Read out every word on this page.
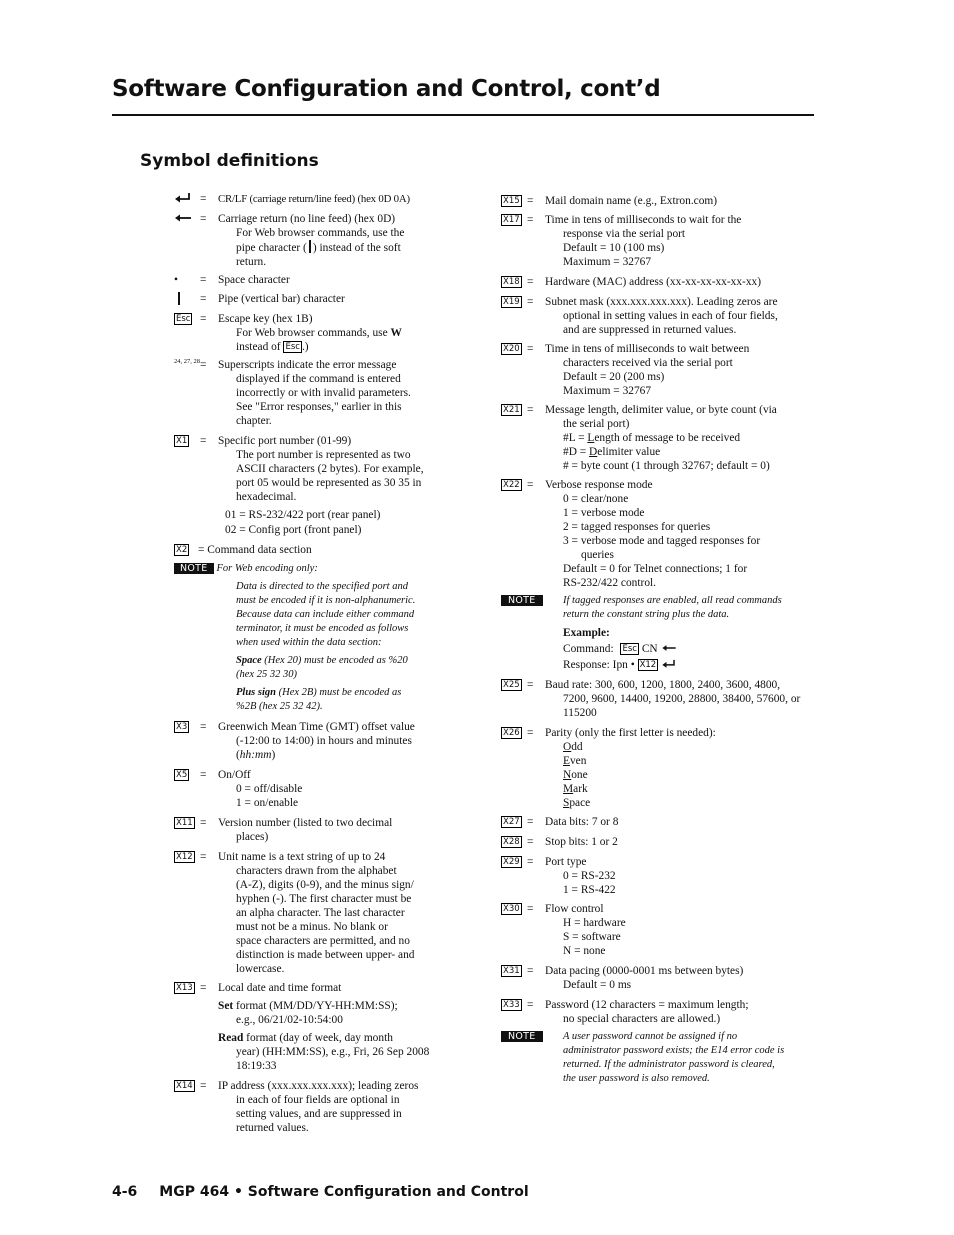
Software Configuration and Control, cont’d
Symbol definitions
= CR/LF (carriage return/line feed) (hex 0D 0A)
= Carriage return (no line feed) (hex 0D)
For Web browser commands, use the
pipe character ( ) instead of the soft
return.
•	= Space character
= Pipe (vertical bar) character
Esc = Escape key (hex 1B)
For Web browser commands, use W
instead of Esc .)
24, 27, 28 = Superscripts indicate the error message
displayed if the command is entered
incorrectly or with invalid parameters.
See "Error responses," earlier in this
chapter.
X1	= Specific port number (01-99)
The port number is represented as two
ASCII characters (2 bytes). For example,
port 05 would be represented as 30 35 in
hexadecimal.
01 = RS-232/422 port (rear panel)
02 = Config port (front panel)
X2 = Command data section
NOTE For Web encoding only:
Data is directed to the specified port and
must be encoded if it is non-alphanumeric.
Because data can include either command
terminator, it must be encoded as follows
when used within the data section:
Space (Hex 20) must be encoded as %20
(hex 25 32 30)
Plus sign (Hex 2B) must be encoded as
%2B (hex 25 32 42).
X3	= Greenwich Mean Time (GMT) offset value
(-12:00 to 14:00) in hours and minutes
(hh:mm)
X5	= On/Off
0 = off/disable
1 = on/enable
X11 = Version number (listed to two decimal
places)
X12 = Unit name is a text string of up to 24
characters drawn from the alphabet
(A-Z), digits (0-9), and the minus sign/
hyphen (-). The first character must be
an alpha character. The last character
must not be a minus. No blank or
space characters are permitted, and no
distinction is made between upper- and
lowercase.
X13 = Local date and time format
Set format (MM/DD/YY-HH:MM:SS);
e.g., 06/21/02-10:54:00
Read format (day of week, day month
year) (HH:MM:SS), e.g., Fri, 26 Sep 2008
18:19:33
X14 = IP address (xxx.xxx.xxx.xxx); leading zeros
in each of four fields are optional in
setting values, and are suppressed in
returned values.
X15 = Mail domain name (e.g., Extron.com)
X17 = Time in tens of milliseconds to wait for the
response via the serial port
Default = 10 (100 ms)
Maximum = 32767
X18 = Hardware (MAC) address (xx-xx-xx-xx-xx-xx)
X19 = Subnet mask (xxx.xxx.xxx.xxx). Leading zeros are
optional in setting values in each of four fields,
and are suppressed in returned values.
X20 = Time in tens of milliseconds to wait between
characters received via the serial port
Default = 20 (200 ms)
Maximum = 32767
X21 = Message length, delimiter value, or byte count (via
the serial port)
#L = Length of message to be received
#D = Delimiter value
# = byte count (1 through 32767; default = 0)
X22 = Verbose response mode
0 = clear/none
1 = verbose mode
2 = tagged responses for queries
3 = verbose mode and tagged responses for
queries
Default = 0 for Telnet connections; 1 for
RS-232/422 control.
NOTE	If tagged responses are enabled, all read commands
return the constant string plus the data.
Example:
Command: Esc CN
Response: Ipn • X12
X25 = Baud rate: 300, 600, 1200, 1800, 2400, 3600, 4800,
7200, 9600, 14400, 19200, 28800, 38400, 57600, or
115200
X26 = Parity (only the first letter is needed):
Odd
Even
None
Mark
Space
X27 = Data bits: 7 or 8
X28 = Stop bits: 1 or 2
X29 = Port type
0 = RS-232
1 = RS-422
X30 = Flow control
H = hardware
S = software
N = none
X31 = Data pacing (0000-0001 ms between bytes)
Default = 0 ms
X33 = Password (12 characters = maximum length;
no special characters are allowed.)
NOTE	A user password cannot be assigned if no
administrator password exists; the E14 error code is
returned. If the administrator password is cleared,
the user password is also removed.
4-6 MGP 464 • Software Configuration and Control
